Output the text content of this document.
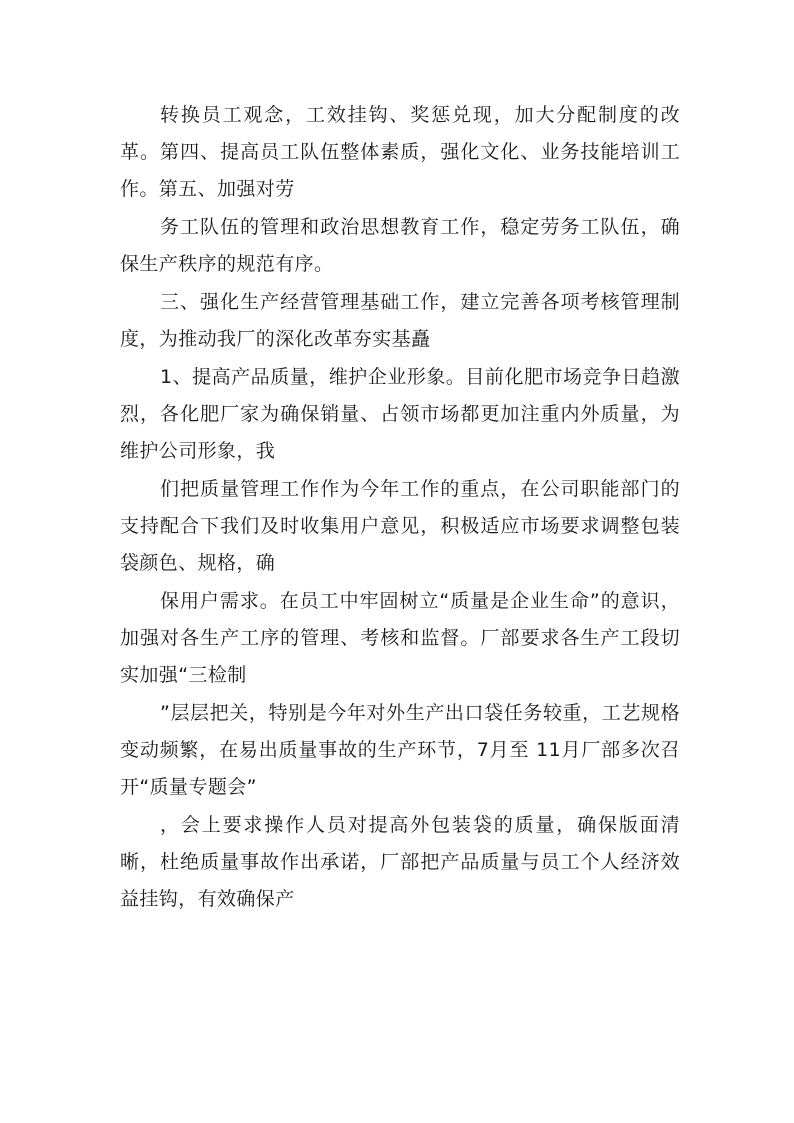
转换员工观念，工效挂钩、奖惩兑现，加大分配制度的改革。第四、提高员工队伍整体素质，强化文化、业务技能培训工作。第五、加强对劳

务工队伍的管理和政治思想教育工作，稳定劳务工队伍，确保生产秩序的规范有序。

三、强化生产经营管理基础工作，建立完善各项考核管理制度，为推动我厂的深化改革夯实基矗

1、提高产品质量，维护企业形象。目前化肥市场竞争日趋激烈，各化肥厂家为确保销量、占领市场都更加注重内外质量，为维护公司形象，我

们把质量管理工作作为今年工作的重点，在公司职能部门的支持配合下我们及时收集用户意见，积极适应市场要求调整包装袋颜色、规格，确

保用户需求。在员工中牢固树立“质量是企业生命”的意识，加强对各生产工序的管理、考核和监督。厂部要求各生产工段切实加强“三检制

”层层把关，特别是今年对外生产出口袋任务较重，工艺规格变动频繁，在易出质量事故的生产环节，7月至 11月厂部多次召开“质量专题会”

，会上要求操作人员对提高外包装袋的质量，确保版面清晰，杜绝质量事故作出承诺，厂部把产品质量与员工个人经济效益挂钩，有效确保产
